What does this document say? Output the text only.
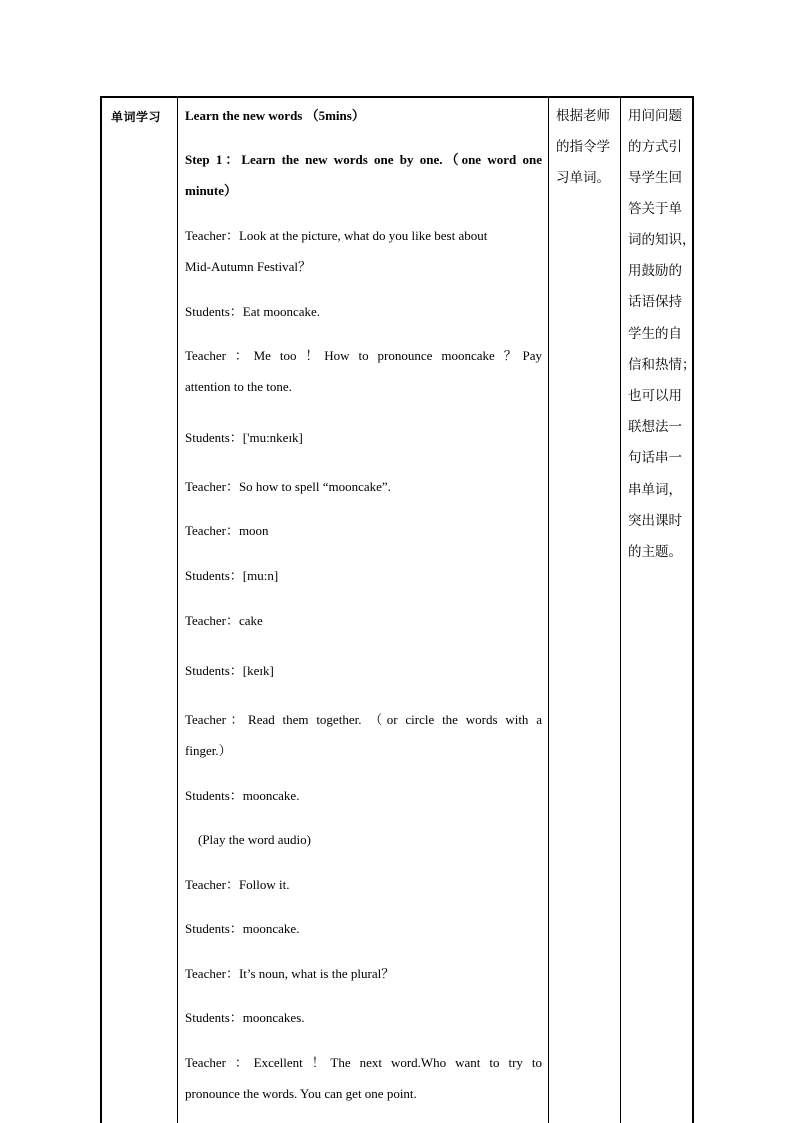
单词学习 Learn the new words （5mins）
Step 1：Learn the new words one by one.（one word one
minute）
Teacher：Look at the picture, what do you like best about
Mid-Autumn Festival？
Students：Eat mooncake.
Teacher ：Me too ！How to pronounce mooncake ？Pay
attention to the tone.
Students：['mu:nkeɪk]
Teacher：So how to spell “mooncake”.
Teacher：moon
Students：[mu:n]
Teacher：cake
Students：[keɪk]
Teacher：Read them together. （or circle the words with a
finger.）
Students：mooncake.
(Play the word audio)
Teacher：Follow it.
Students：mooncake.
Teacher：It’s noun, what is the plural？
Students：mooncakes.
Teacher ：Excellent ！The next word.Who want to try to
pronounce the words. You can get one point.
根据老师
的指令学
习单词。
用问问题
的方式引
导学生回
答关于单
词的知识，
用鼓励的
话语保持
学生的自
信和热情；
也可以用
联想法一
句话串一
串单词，
突出课时
的主题。
